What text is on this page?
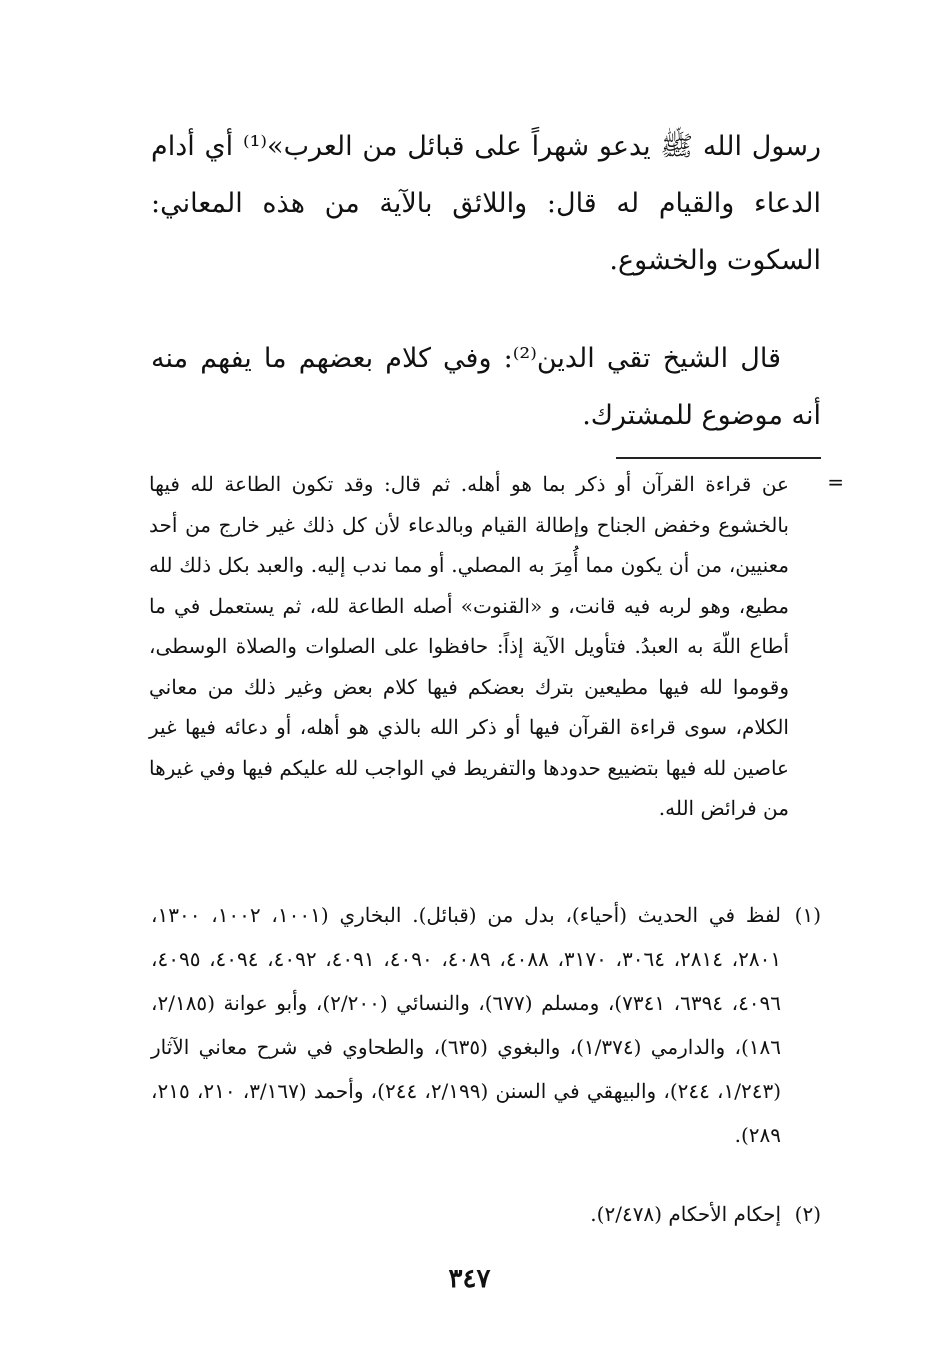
رسول الله ﷺ يدعو شهراً على قبائل من العرب»⁽¹⁾ أي أدام الدعاء والقيام له قال: واللائق بالآية من هذه المعاني: السكوت والخشوع.

قال الشيخ تقي الدين⁽²⁾: وفي كلام بعضهم ما يفهم منه أنه موضوع للمشترك.

=

عن قراءة القرآن أو ذكر بما هو أهله. ثم قال: وقد تكون الطاعة لله فيها بالخشوع وخفض الجناح وإطالة القيام وبالدعاء لأن كل ذلك غير خارج من أحد معنيين، من أن يكون مما أُمِرَ به المصلي. أو مما ندب إليه. والعبد بكل ذلك لله مطيع، وهو لربه فيه قانت، و «القنوت» أصله الطاعة لله، ثم يستعمل في ما أطاع اللّهَ به العبدُ. فتأويل الآية إذاً: حافظوا على الصلوات والصلاة الوسطى، وقوموا لله فيها مطيعين بترك بعضكم فيها كلام بعض وغير ذلك من معاني الكلام، سوى قراءة القرآن فيها أو ذكر الله بالذي هو أهله، أو دعائه فيها غير عاصين لله فيها بتضييع حدودها والتفريط في الواجب لله عليكم فيها وفي غيرها من فرائض الله.

(١)
لفظ في الحديث (أحياء)، بدل من (قبائل). البخاري (١٠٠١، ١٠٠٢، ١٣٠٠، ٢٨٠١، ٢٨١٤، ٣٠٦٤، ٣١٧٠، ٤٠٨٨، ٤٠٨٩، ٤٠٩٠، ٤٠٩١، ٤٠٩٢، ٤٠٩٤، ٤٠٩٥، ٤٠٩٦، ٦٣٩٤، ٧٣٤١)، ومسلم (٦٧٧)، والنسائي (٢/٢٠٠)، وأبو عوانة (٢/١٨٥، ١٨٦)، والدارمي (١/٣٧٤)، والبغوي (٦٣٥)، والطحاوي في شرح معاني الآثار (١/٢٤٣، ٢٤٤)، والبيهقي في السنن (٢/١٩٩، ٢٤٤)، وأحمد (٣/١٦٧، ٢١٠، ٢١٥، ٢٨٩).
(٢)
إحكام الأحكام (٢/٤٧٨).
٣٤٧
